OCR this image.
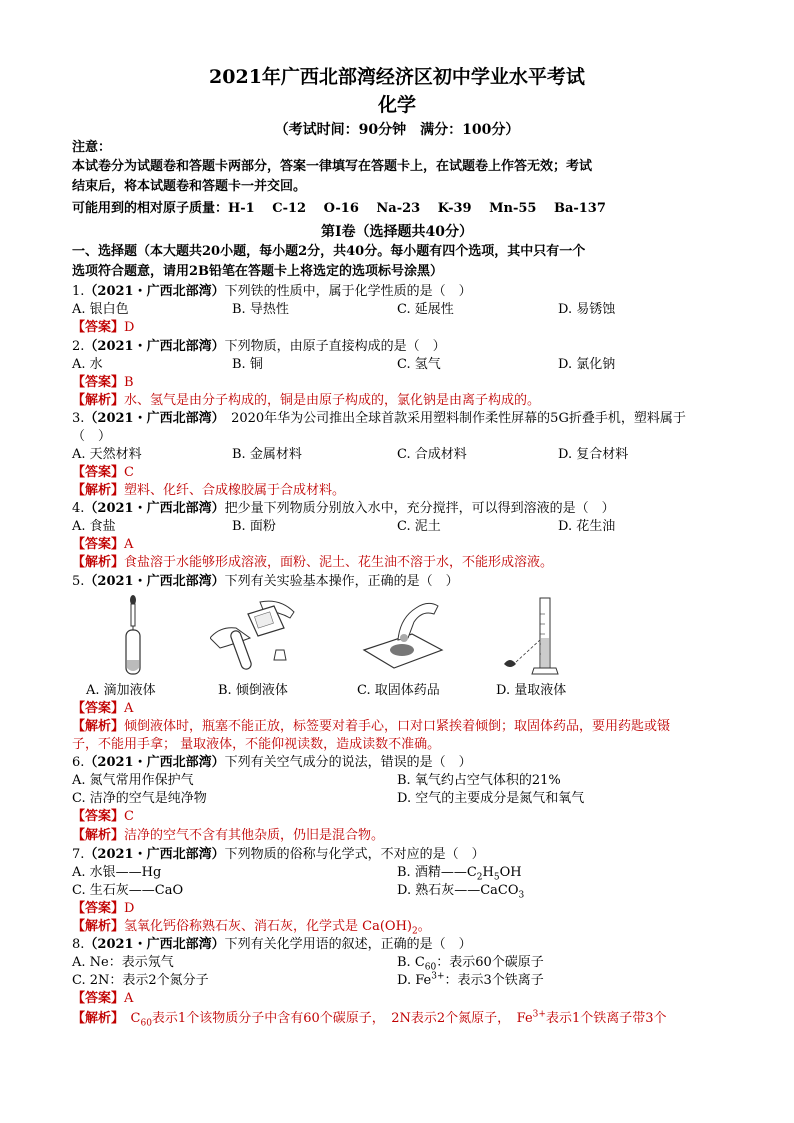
2021年广西北部湾经济区初中学业水平考试
化学
（考试时间：90分钟　满分：100分）
注意：
本试卷分为试题卷和答题卡两部分，答案一律填写在答题卡上，在试题卷上作答无效；考试
结束后，将本试题卷和答题卡一并交回。
可能用到的相对原子质量：H-1　 C-12　 O-16　 Na-23　 K-39　 Mn-55　 Ba-137
第Ⅰ卷（选择题共40分）
一、选择题（本大题共20小题，每小题2分，共40分。每小题有四个选项，其中只有一个
选项符合题意，请用2B铅笔在答题卡上将选定的选项标号涂黑）
1.（2021・广西北部湾）下列铁的性质中，属于化学性质的是（　）
A. 银白色	B. 导热性	C. 延展性	D. 易锈蚀
【答案】D
2.（2021・广西北部湾）下列物质，由原子直接构成的是（　）
A. 水	B. 铜	C. 氢气	D. 氯化钠
【答案】B
【解析】水、氢气是由分子构成的，铜是由原子构成的，氯化钠是由离子构成的。
3.（2021・广西北部湾）　2020年华为公司推出全球首款采用塑料制作柔性屏幕的5G折叠手机，塑料属于
（　）
A. 天然材料	B. 金属材料	C. 合成材料	D. 复合材料
【答案】C
【解析】塑料、化纤、合成橡胶属于合成材料。
4.（2021・广西北部湾）把少量下列物质分别放入水中，充分搅拌，可以得到溶液的是（　）
A. 食盐	B. 面粉	C. 泥土	D. 花生油
【答案】A
【解析】食盐溶于水能够形成溶液，面粉、泥土、花生油不溶于水，不能形成溶液。
5.（2021・广西北部湾）下列有关实验基本操作，正确的是（　）
A. 滴加液体	B. 倾倒液体	C. 取固体药品	D. 量取液体
【答案】A
【解析】倾倒液体时，瓶塞不能正放，标签要对着手心，口对口紧挨着倾倒；取固体药品，要用药匙或镊
子，不能用手拿； 量取液体，不能仰视读数，造成读数不准确。
6.（2021・广西北部湾）下列有关空气成分的说法，错误的是（　）
A. 氮气常用作保护气	B. 氧气约占空气体积的21%
C. 洁净的空气是纯净物	D. 空气的主要成分是氮气和氧气
【答案】C
【解析】洁净的空气不含有其他杂质，仍旧是混合物。
7.（2021・广西北部湾）下列物质的俗称与化学式，不对应的是（　）
A. 水银——Hg	B. 酒精$——C_2H_5OH$
C. 生石灰——CaO	D. 熟石灰——CaCO$_3$
【答案】D
【解析】氢氧化钙俗称熟石灰、消石灰，化学式是 $Ca(OH)_2$。
8.（2021・广西北部湾）下列有关化学用语的叙述，正确的是（　）
A. Ne：表示氖气	B. $C_{60}$：表示60个碳原子
C. 2N：表示2个氮分子	D. $Fe^{3+}$：表示3个铁离子
【答案】A
【解析】　$C_{60}$表示1个该物质分子中含有60个碳原子，　2N表示2个氮原子，　$Fe^{3+}$表示1个铁离子带3个
